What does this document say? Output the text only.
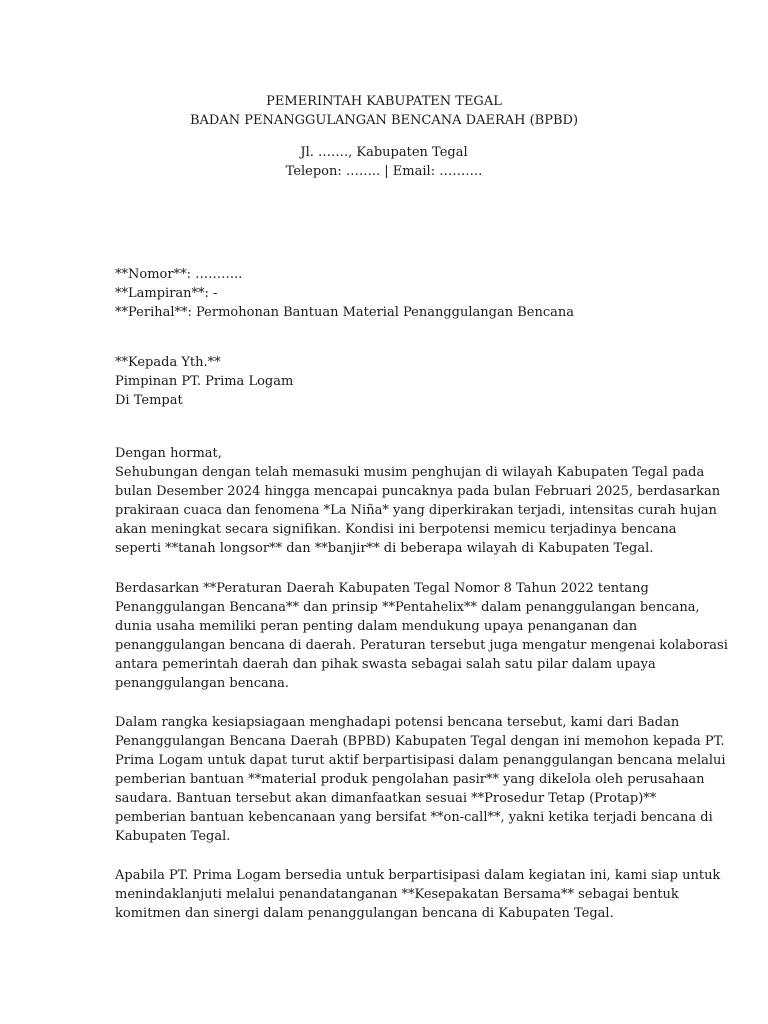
PEMERINTAH KABUPATEN TEGAL
BADAN PENANGGULANGAN BENCANA DAERAH (BPBD)
Jl. ……., Kabupaten Tegal
Telepon: …….. | Email: ……….
**Nomor**: ………..
**Lampiran**: -
**Perihal**: Permohonan Bantuan Material Penanggulangan Bencana
**Kepada Yth.**
Pimpinan PT. Prima Logam
Di Tempat
Dengan hormat,
Sehubungan dengan telah memasuki musim penghujan di wilayah Kabupaten Tegal pada
bulan Desember 2024 hingga mencapai puncaknya pada bulan Februari 2025, berdasarkan
prakiraan cuaca dan fenomena *La Niña* yang diperkirakan terjadi, intensitas curah hujan
akan meningkat secara signifikan. Kondisi ini berpotensi memicu terjadinya bencana
seperti **tanah longsor** dan **banjir** di beberapa wilayah di Kabupaten Tegal.
Berdasarkan **Peraturan Daerah Kabupaten Tegal Nomor 8 Tahun 2022 tentang
Penanggulangan Bencana** dan prinsip **Pentahelix** dalam penanggulangan bencana,
dunia usaha memiliki peran penting dalam mendukung upaya penanganan dan
penanggulangan bencana di daerah. Peraturan tersebut juga mengatur mengenai kolaborasi
antara pemerintah daerah dan pihak swasta sebagai salah satu pilar dalam upaya
penanggulangan bencana.
Dalam rangka kesiapsiagaan menghadapi potensi bencana tersebut, kami dari Badan
Penanggulangan Bencana Daerah (BPBD) Kabupaten Tegal dengan ini memohon kepada PT.
Prima Logam untuk dapat turut aktif berpartisipasi dalam penanggulangan bencana melalui
pemberian bantuan **material produk pengolahan pasir** yang dikelola oleh perusahaan
saudara. Bantuan tersebut akan dimanfaatkan sesuai **Prosedur Tetap (Protap)**
pemberian bantuan kebencanaan yang bersifat **on-call**, yakni ketika terjadi bencana di
Kabupaten Tegal.
Apabila PT. Prima Logam bersedia untuk berpartisipasi dalam kegiatan ini, kami siap untuk
menindaklanjuti melalui penandatanganan **Kesepakatan Bersama** sebagai bentuk
komitmen dan sinergi dalam penanggulangan bencana di Kabupaten Tegal.
